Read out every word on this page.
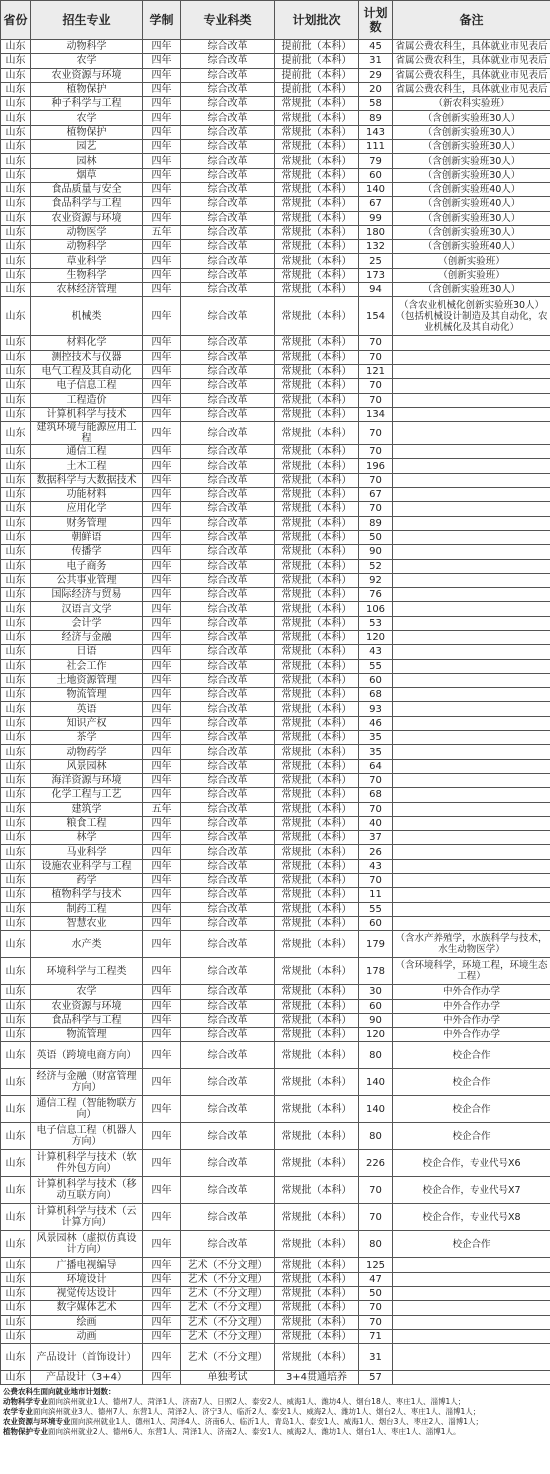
省份	招生专业	学制	专业科类	计划批次	计划数	备注
山东	动物科学	四年	综合改革	提前批（本科）	45	省属公费农科生，具体就业市见表后
山东	农学	四年	综合改革	提前批（本科）	31	省属公费农科生，具体就业市见表后
山东	农业资源与环境	四年	综合改革	提前批（本科）	29	省属公费农科生，具体就业市见表后
山东	植物保护	四年	综合改革	提前批（本科）	20	省属公费农科生，具体就业市见表后
山东	种子科学与工程	四年	综合改革	常规批（本科）	58	（新农科实验班）
山东	农学	四年	综合改革	常规批（本科）	89	（含创新实验班30人）
山东	植物保护	四年	综合改革	常规批（本科）	143	（含创新实验班30人）
山东	园艺	四年	综合改革	常规批（本科）	111	（含创新实验班30人）
山东	园林	四年	综合改革	常规批（本科）	79	（含创新实验班30人）
山东	烟草	四年	综合改革	常规批（本科）	60	（含创新实验班30人）
山东	食品质量与安全	四年	综合改革	常规批（本科）	140	（含创新实验班40人）
山东	食品科学与工程	四年	综合改革	常规批（本科）	67	（含创新实验班40人）
山东	农业资源与环境	四年	综合改革	常规批（本科）	99	（含创新实验班30人）
山东	动物医学	五年	综合改革	常规批（本科）	180	（含创新实验班30人）
山东	动物科学	四年	综合改革	常规批（本科）	132	（含创新实验班40人）
山东	草业科学	四年	综合改革	常规批（本科）	25	（创新实验班）
山东	生物科学	四年	综合改革	常规批（本科）	173	（创新实验班）
山东	农林经济管理	四年	综合改革	常规批（本科）	94	（含创新实验班30人）
山东	机械类	四年	综合改革	常规批（本科）	154	（含农业机械化创新实验班30人）（包括机械设计制造及其自动化，农业机械化及其自动化）
山东	材料化学	四年	综合改革	常规批（本科）	70	
山东	测控技术与仪器	四年	综合改革	常规批（本科）	70	
山东	电气工程及其自动化	四年	综合改革	常规批（本科）	121	
山东	电子信息工程	四年	综合改革	常规批（本科）	70	
山东	工程造价	四年	综合改革	常规批（本科）	70	
山东	计算机科学与技术	四年	综合改革	常规批（本科）	134	
山东	建筑环境与能源应用工程	四年	综合改革	常规批（本科）	70	
山东	通信工程	四年	综合改革	常规批（本科）	70	
山东	土木工程	四年	综合改革	常规批（本科）	196	
山东	数据科学与大数据技术	四年	综合改革	常规批（本科）	70	
山东	功能材料	四年	综合改革	常规批（本科）	67	
山东	应用化学	四年	综合改革	常规批（本科）	70	
山东	财务管理	四年	综合改革	常规批（本科）	89	
山东	朝鲜语	四年	综合改革	常规批（本科）	50	
山东	传播学	四年	综合改革	常规批（本科）	90	
山东	电子商务	四年	综合改革	常规批（本科）	52	
山东	公共事业管理	四年	综合改革	常规批（本科）	92	
山东	国际经济与贸易	四年	综合改革	常规批（本科）	76	
山东	汉语言文学	四年	综合改革	常规批（本科）	106	
山东	会计学	四年	综合改革	常规批（本科）	53	
山东	经济与金融	四年	综合改革	常规批（本科）	120	
山东	日语	四年	综合改革	常规批（本科）	43	
山东	社会工作	四年	综合改革	常规批（本科）	55	
山东	土地资源管理	四年	综合改革	常规批（本科）	60	
山东	物流管理	四年	综合改革	常规批（本科）	68	
山东	英语	四年	综合改革	常规批（本科）	93	
山东	知识产权	四年	综合改革	常规批（本科）	46	
山东	茶学	四年	综合改革	常规批（本科）	35	
山东	动物药学	四年	综合改革	常规批（本科）	35	
山东	风景园林	四年	综合改革	常规批（本科）	64	
山东	海洋资源与环境	四年	综合改革	常规批（本科）	70	
山东	化学工程与工艺	四年	综合改革	常规批（本科）	68	
山东	建筑学	五年	综合改革	常规批（本科）	70	
山东	粮食工程	四年	综合改革	常规批（本科）	40	
山东	林学	四年	综合改革	常规批（本科）	37	
山东	马业科学	四年	综合改革	常规批（本科）	26	
山东	设施农业科学与工程	四年	综合改革	常规批（本科）	43	
山东	药学	四年	综合改革	常规批（本科）	70	
山东	植物科学与技术	四年	综合改革	常规批（本科）	11	
山东	制药工程	四年	综合改革	常规批（本科）	55	
山东	智慧农业	四年	综合改革	常规批（本科）	60	
山东	水产类	四年	综合改革	常规批（本科）	179	（含水产养殖学，水族科学与技术，水生动物医学）
山东	环境科学与工程类	四年	综合改革	常规批（本科）	178	（含环境科学，环境工程，环境生态工程）
山东	农学	四年	综合改革	常规批（本科）	30	中外合作办学
山东	农业资源与环境	四年	综合改革	常规批（本科）	60	中外合作办学
山东	食品科学与工程	四年	综合改革	常规批（本科）	90	中外合作办学
山东	物流管理	四年	综合改革	常规批（本科）	120	中外合作办学
山东	英语（跨境电商方向）	四年	综合改革	常规批（本科）	80	校企合作
山东	经济与金融（财富管理方向）	四年	综合改革	常规批（本科）	140	校企合作
山东	通信工程（智能物联方向）	四年	综合改革	常规批（本科）	140	校企合作
山东	电子信息工程（机器人方向）	四年	综合改革	常规批（本科）	80	校企合作
山东	计算机科学与技术（软件外包方向）	四年	综合改革	常规批（本科）	226	校企合作，专业代号X6
山东	计算机科学与技术（移动互联方向）	四年	综合改革	常规批（本科）	70	校企合作，专业代号X7
山东	计算机科学与技术（云计算方向）	四年	综合改革	常规批（本科）	70	校企合作，专业代号X8
山东	风景园林（虚拟仿真设计方向）	四年	综合改革	常规批（本科）	80	校企合作
山东	广播电视编导	四年	艺术（不分文理）	常规批（本科）	125	
山东	环境设计	四年	艺术（不分文理）	常规批（本科）	47	
山东	视觉传达设计	四年	艺术（不分文理）	常规批（本科）	50	
山东	数字媒体艺术	四年	艺术（不分文理）	常规批（本科）	70	
山东	绘画	四年	艺术（不分文理）	常规批（本科）	70	
山东	动画	四年	艺术（不分文理）	常规批（本科）	71	
山东	产品设计（首饰设计）	四年	艺术（不分文理）	常规批（本科）	31	
山东	产品设计（3+4）	四年	单独考试	3+4贯通培养	57	
公费农科生面向就业地市计划数：
动物科学专业面向滨州就业1人、德州7人、菏泽1人、济南7人、日照2人、泰安2人、威海1人、潍坊4人、烟台18人、枣庄1人、淄博1人；
农学专业面向滨州就业3人、德州7人、东营1人、菏泽2人、济宁3人、临沂2人、泰安1人、威海2人、潍坊1人、烟台2人、枣庄1人、淄博1人；
农业资源与环境专业面向滨州就业1人、德州1人、菏泽4人、济南6人、临沂1人、青岛1人、泰安1人、威海1人、烟台3人、枣庄2人、淄博1人；
植物保护专业面向滨州就业2人、德州6人、东营1人、菏泽1人、济南2人、泰安1人、威海2人、潍坊1人、烟台1人、枣庄1人、淄博1人。
